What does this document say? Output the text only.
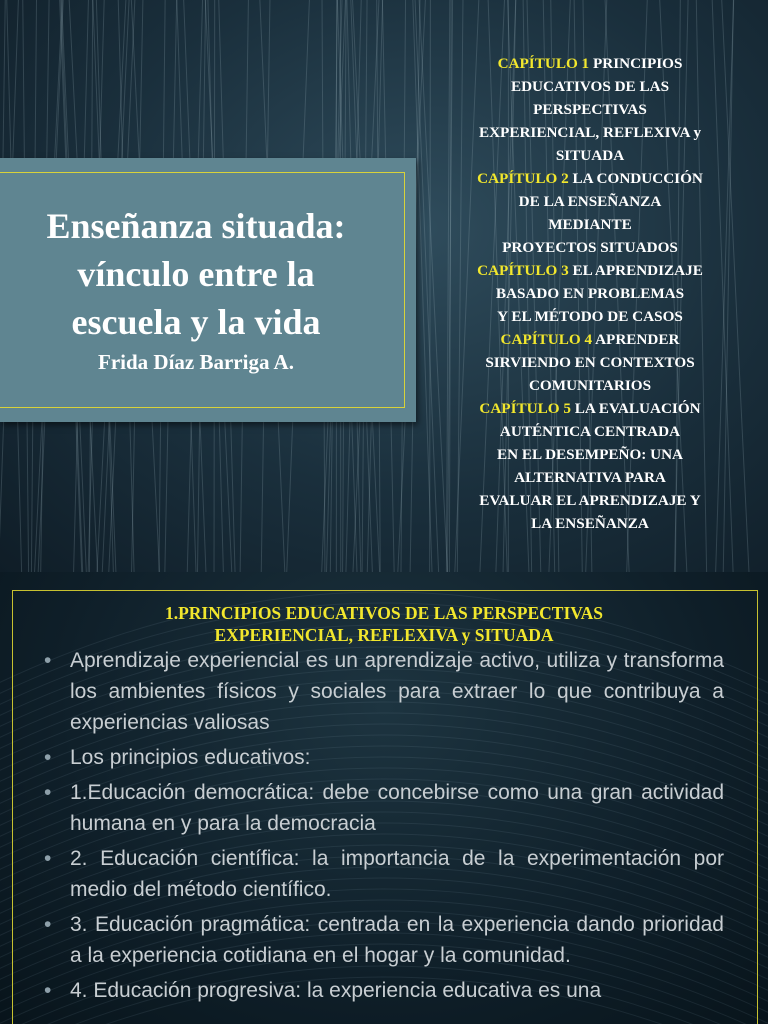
Enseñanza situada:
vínculo entre la
escuela y la vida
Frida Díaz Barriga A.
CAPÍTULO 1 PRINCIPIOS
EDUCATIVOS DE LAS
PERSPECTIVAS
EXPERIENCIAL, REFLEXIVA y
SITUADA
CAPÍTULO 2 LA CONDUCCIÓN
DE LA ENSEÑANZA
MEDIANTE
PROYECTOS SITUADOS
CAPÍTULO 3 EL APRENDIZAJE
BASADO EN PROBLEMAS
Y EL MÉTODO DE CASOS
CAPÍTULO 4 APRENDER
SIRVIENDO EN CONTEXTOS
COMUNITARIOS
CAPÍTULO 5 LA EVALUACIÓN
AUTÉNTICA CENTRADA
EN EL DESEMPEÑO: UNA
ALTERNATIVA PARA
EVALUAR EL APRENDIZAJE Y
LA ENSEÑANZA
1.PRINCIPIOS EDUCATIVOS DE LAS PERSPECTIVAS
EXPERIENCIAL, REFLEXIVA y SITUADA
• Aprendizaje experiencial es un aprendizaje activo, utiliza y transforma los ambientes físicos y sociales para extraer lo que contribuya a experiencias valiosas
• Los principios educativos:
• 1.Educación democrática: debe concebirse como una gran actividad humana en y para la democracia
• 2. Educación científica: la importancia de la experimentación por medio del método científico.
• 3. Educación pragmática: centrada en la experiencia dando prioridad a la experiencia cotidiana en el hogar y la comunidad.
• 4. Educación progresiva: la experiencia educativa es una
